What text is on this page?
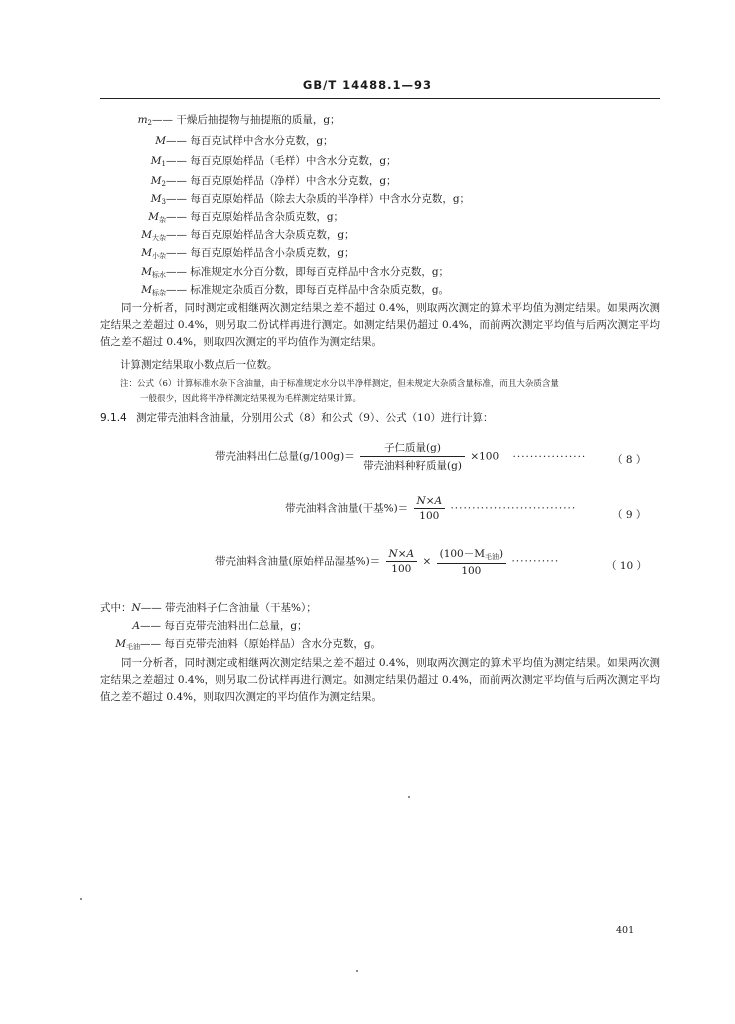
GB/T 14488.1—93
$m_2——$ 干燥后抽提物与抽提瓶的质量，g；
M—— 每百克试样中含水分克数，g；
$M_1——$ 每百克原始样品（毛样）中含水分克数，g；
$M_2——$ 每百克原始样品（净样）中含水分克数，g；
$M_3——$ 每百克原始样品（除去大杂质的半净样）中含水分克数，g；
$M_杂——$ 每百克原始样品含杂质克数，g；
$M_{大杂}——$ 每百克原始样品含大杂质克数，g；
$M_{小杂}——$ 每百克原始样品含小杂质克数，g；
$M_{标水}——$ 标准规定水分百分数，即每百克样品中含水分克数，g；
$M_{标杂}——$ 标准规定杂质百分数，即每百克样品中含杂质克数，g。
同一分析者，同时测定或相继两次测定结果之差不超过 0.4%，则取两次测定的算术平均值为测定结果。如果两次测定结果之差超过 0.4%，则另取二份试样再进行测定。如测定结果仍超过 0.4%，而前两次测定平均值与后两次测定平均值之差不超过 0.4%，则取四次测定的平均值作为测定结果。
计算测定结果取小数点后一位数。
注：公式（6）计算标准水杂下含油量，由于标准规定水分以半净样测定，但未规定大杂质含量标准，而且大杂质含量
一般很少，因此将半净样测定结果视为毛样测定结果计算。
9.1.4 测定带壳油料含油量，分别用公式（8）和公式（9）、公式（10）进行计算：
带壳油料出仁总量$(g/100g)= \frac{\text{子仁质量(g)}}{\text{带壳油料种籽质量(g)}} \times 100$ ················· （ 8 ）
带壳油料含油量(干基%)＝ $\frac{N\times A}{100}$ ·····························
（ 9 ）
带壳油料含油量(原始样品湿基%)＝ $\frac{N\times A}{100} \times \frac{\text{(100－M毛油)}}{100}$ ···········	（ 10 ）
式中：N—— 带壳油料子仁含油量（干基%）；
A—— 每百克带壳油料出仁总量，g；
$M_{毛油}——$ 每百克带壳油料（原始样品）含水分克数，g。
同一分析者，同时测定或相继两次测定结果之差不超过 0.4%，则取两次测定的算术平均值为测定结果。如果两次测定结果之差超过 0.4%，则另取二份试样再进行测定。如测定结果仍超过 0.4%，而前两次测定平均值与后两次测定平均值之差不超过 0.4%，则取四次测定的平均值作为测定结果。
401
